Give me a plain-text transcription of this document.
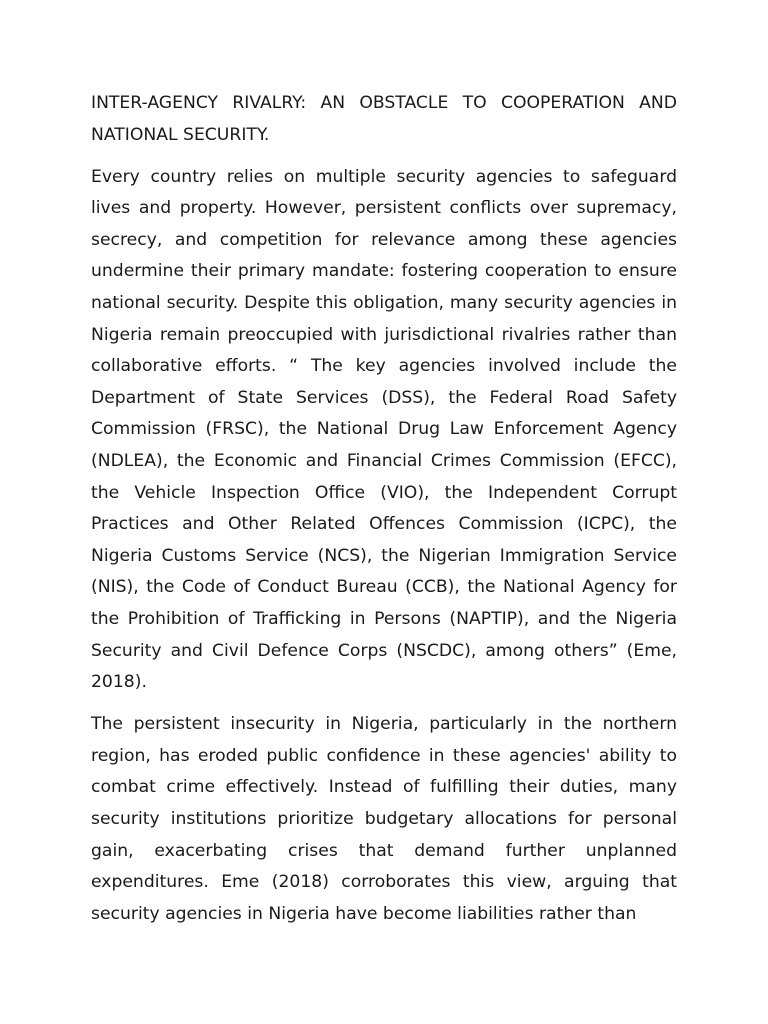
INTER-AGENCY RIVALRY: AN OBSTACLE TO COOPERATION AND NATIONAL SECURITY.

Every country relies on multiple security agencies to safeguard lives and property. However, persistent conflicts over supremacy, secrecy, and competition for relevance among these agencies undermine their primary mandate: fostering cooperation to ensure national security. Despite this obligation, many security agencies in Nigeria remain preoccupied with jurisdictional rivalries rather than collaborative efforts. “ The key agencies involved include the Department of State Services (DSS), the Federal Road Safety Commission (FRSC), the National Drug Law Enforcement Agency (NDLEA), the Economic and Financial Crimes Commission (EFCC), the Vehicle Inspection Office (VIO), the Independent Corrupt Practices and Other Related Offences Commission (ICPC), the Nigeria Customs Service (NCS), the Nigerian Immigration Service (NIS), the Code of Conduct Bureau (CCB), the National Agency for the Prohibition of Trafficking in Persons (NAPTIP), and the Nigeria Security and Civil Defence Corps (NSCDC), among others” (Eme, 2018).

The persistent insecurity in Nigeria, particularly in the northern region, has eroded public confidence in these agencies' ability to combat crime effectively. Instead of fulfilling their duties, many security institutions prioritize budgetary allocations for personal gain, exacerbating crises that demand further unplanned expenditures. Eme (2018) corroborates this view, arguing that security agencies in Nigeria have become liabilities rather than
